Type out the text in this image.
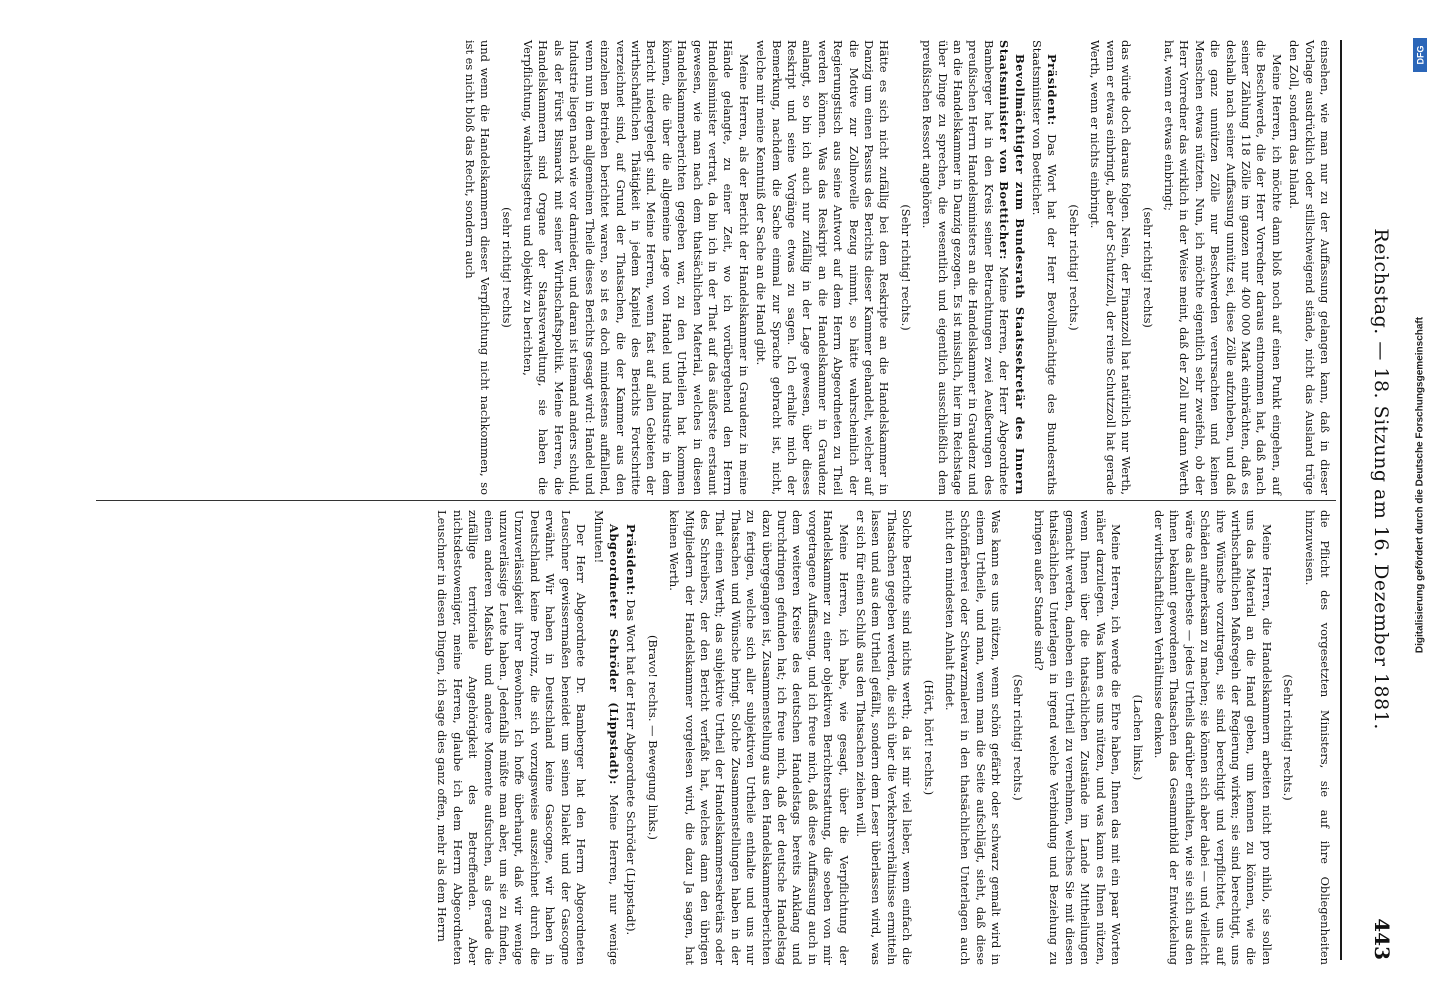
Reichstag. — 18. Sitzung am 16. Dezember 1881.
443

einsehen, wie man nur zu der Auffassung gelangen kann, daß in dieser Vorlage ausdrücklich oder stillschweigend stände, nicht das Ausland trüge den Zoll, sondern das Inland.

Meine Herren, ich möchte dann bloß noch auf einen Punkt eingehen, auf die Beschwerde, die der Herr Vorredner daraus entnommen hat, daß nach seiner Zählung 118 Zölle im ganzen nur 400 000 Mark einbrächten, daß es deshalb nach seiner Auffassung unnütz sei, diese Zölle aufzuheben, und daß die ganz unnützen Zölle nur Beschwerden verursachten und keinen Menschen etwas nützten. Nun, ich möchte eigentlich sehr zweifeln, ob der Herr Vorredner das wirklich in der Weise meint, daß der Zoll nur dann Werth hat, wenn er etwas einbringt;

(sehr richtig! rechts)

das würde doch daraus folgen. Nein, der Finanzzoll hat natürlich nur Werth, wenn er etwas einbringt, aber der Schutzzoll, der reine Schutzzoll hat gerade Werth, wenn er nichts einbringt.

(Sehr richtig! rechts.)

Präsident: Das Wort hat der Herr Bevollmächtigte des Bundesraths Staatsminister von Boetticher.

Bevollmächtigter zum Bundesrath Staatssekretär des Innern Staatsminister von Boetticher: Meine Herren, der Herr Abgeordnete Bamberger hat in den Kreis seiner Betrachtungen zwei Aeußerungen des preußischen Herrn Handelsministers an die Handelskammer in Graudenz und an die Handelskammer in Danzig gezogen. Es ist misslich, hier im Reichstage über Dinge zu sprechen, die wesentlich und eigentlich ausschließlich dem preußischen Ressort angehören.

(Sehr richtig! rechts.)

Hätte es sich nicht zufällig bei dem Reskripte an die Handelskammer in Danzig um einen Passus des Berichts dieser Kammer gehandelt, welcher auf die Motive zur Zollnovelle Bezug nimmt, so hätte wahrscheinlich der Regierungstisch aus seine Antwort auf dem Herrn Abgeordneten zu Theil werden können. Was das Reskript an die Handelskammer in Graudenz anlangt, so bin ich auch nur zufällig in der Lage gewesen, über dieses Reskript und seine Vorgänge etwas zu sagen. Ich erhalte mich der Bemerkung, nachdem die Sache einmal zur Sprache gebracht ist, nicht, welche mir meine Kenntniß der Sache an die Hand gibt.

Meine Herren, als der Bericht der Handelskammer in Graudenz in meine Hände gelangte, zu einer Zeit, wo ich vorübergehend den Herrn Handelsminister vertrat, da bin ich in der That auf das äußerste erstaunt gewesen, wie man nach dem thatsächlichen Material, welches in diesen Handelskammerberichten gegeben war, zu den Urtheilen hat kommen können, die über die allgemeine Lage von Handel und Industrie in dem Bericht niedergelegt sind. Meine Herren, wenn fast auf allen Gebieten der wirthschaftlichen Thätigkeit in jedem Kapitel des Berichts Fortschritte verzeichnet sind, auf Grund der Thatsachen, die der Kammer aus den einzelnen Betrieben berichtet waren, so ist es doch mindestens auffallend, wenn nun in dem allgemeinen Theile dieses Berichts gesagt wird: Handel und Industrie liegen nach wie vor darnieder, und daran ist niemand anders schuld, als der Fürst Bismarck mit seiner Wirthschaftspolitik. Meine Herren, die Handelskammern sind Organe der Staatsverwaltung, sie haben die Verpflichtung, wahrheitsgetreu und objektiv zu berichten,

(sehr richtig! rechts)

und wenn die Handelskammern dieser Verpflichtung nicht nachkommen, so ist es nicht bloß das Recht, sondern auch

die Pflicht des vorgesetzten Ministers, sie auf ihre Obliegenheiten hinzuweisen.

(Sehr richtig! rechts.)

Meine Herren, die Handelskammern arbeiten nicht pro nihilo, sie sollen uns das Material an die Hand geben, um kennen zu können, wie die wirthschaftlichen Maßregeln der Regierung wirken; sie sind berechtigt, uns ihre Wünsche vorzutragen, sie sind berechtigt und verpflichtet, uns auf Schäden aufmerksam zu machen; sie können sich aber dabei — und vielleicht wäre das allerbeste — jedes Urtheils darüber enthalten, wie sie sich aus den ihnen bekannt gewordenen Thatsachen das Gesammtbild der Entwickelung der wirthschaftlichen Verhältnisse denken.

(Lachen links.)

Meine Herren, ich werde die Ehre haben, Ihnen das mit ein paar Worten näher darzulegen. Was kann es uns nützen, und was kann es Ihnen nützen, wenn Ihnen über die thatsächlichen Zustände im Lande Mittheilungen gemacht werden, daneben ein Urtheil zu vernehmen, welches Sie mit diesen thatsächlichen Unterlagen in irgend welche Verbindung und Beziehung zu bringen außer Stande sind?

(Sehr richtig! rechts.)

Was kann es uns nützen, wenn schön gefärbt oder schwarz gemalt wird in einem Urtheile, und man, wenn man die Seite aufschlägt, sieht, daß diese Schönfärberei oder Schwarzmalerei in den thatsächlichen Unterlagen auch nicht den mindesten Anhalt findet.

(Hört, hört! rechts.)

Solche Berichte sind nichts werth; da ist mir viel lieber, wenn einfach die Thatsachen gegeben werden, die sich über die Verkehrsverhältnisse ermitteln lassen und aus dem Urtheil gefällt, sondern dem Leser überlassen wird, was er sich für einen Schluß aus den Thatsachen ziehen will.

Meine Herren, ich habe, wie gesagt, über die Verpflichtung der Handelskammer zu einer objektiven Berichterstattung, die soeben von mir vorgetragene Auffassung, und ich freue mich, daß diese Auffassung auch in dem weiteren Kreise des deutschen Handelstags bereits Anklang und Durchdringen gefunden hat; ich freue mich, daß der deutsche Handelstag dazu übergegangen ist, Zusammenstellung aus den Handelskammerberichten zu fertigen, welche sich aller subjektiven Urtheile enthalte und uns nur Thatsachen und Wünsche bringt. Solche Zusammenstellungen haben in der That einen Werth; das subjektive Urtheil der Handelskammersekretärs oder des Schreibers, der den Bericht verfaßt hat, welches dann den übrigen Mitgliedern der Handelskammer vorgelesen wird, die dazu Ja sagen, hat keinen Werth.

(Bravo! rechts. — Bewegung links.)

Präsident: Das Wort hat der Herr Abgeordnete Schröder (Lippstadt).

Abgeordneter Schröder (Lippstadt): Meine Herren, nur wenige Minuten!

Der Herr Abgeordnete Dr. Bamberger hat den Herrn Abgeordneten Leuschner gewissermaßen beneidet um seinen Dialekt und der Gascogne erwähnt. Wir haben in Deutschland keine Gascogne, wir haben in Deutschland keine Provinz, die sich vorzugsweise auszeichnet durch die Unzuverlässigkeit ihrer Bewohner. Ich hoffe überhaupt, daß wir wenige unzuverlässige Leute haben. Jedenfalls müßte man aber, um sie zu finden, einen anderen Maßstab und andere Momente aufsuchen, als gerade die zufällige territoriale Angehörigkeit des Betreffenden. Aber nichtsdestoweniger, meine Herren, glaube ich dem Herrn Abgeordneten Leuschner in diesen Dingen, ich sage dies ganz offen, mehr als dem Herrn

DFG
Digitalisierung gefördert durch die Deutsche Forschungsgemeinschaft
